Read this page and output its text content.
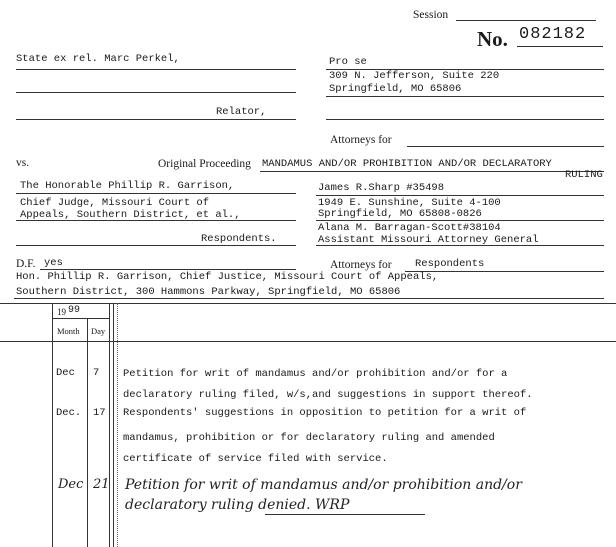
Session
No. 082182
State ex rel. Marc Perkel,
Relator,
Pro se
309 N. Jefferson, Suite 220
Springfield, MO 65806
Attorneys for
vs.	Original Proceeding MANDAMUS AND/OR PROHIBITION AND/OR DECLARATORY
RULING
The Honorable Phillip R. Garrison,
Chief Judge, Missouri Court of
Appeals, Southern District, et al.,
Respondents.
James R.Sharp #35498
1949 E. Sunshine, Suite 4-100
Springfield, MO 65808-0826
Alana M. Barragan-Scott#38104
Assistant Missouri Attorney General
D.F. yes	Attorneys for Respondents
Hon. Phillip R. Garrison, Chief Justice, Missouri Court of Appeals,
Southern District, 300 Hammons Parkway, Springfield, MO 65806
19 99
Month Day
Dec 7 Petition for writ of mandamus and/or prohibition and/or for a
declaratory ruling filed, w/s,and suggestions in support thereof.
Dec. 17 Respondents' suggestions in opposition to petition for a writ of
mandamus, prohibition or for declaratory ruling and amended
certificate of service filed with service.
Dec 21 Petition for writ of mandamus and/or prohibition and/or
declaratory ruling denied. WRP
